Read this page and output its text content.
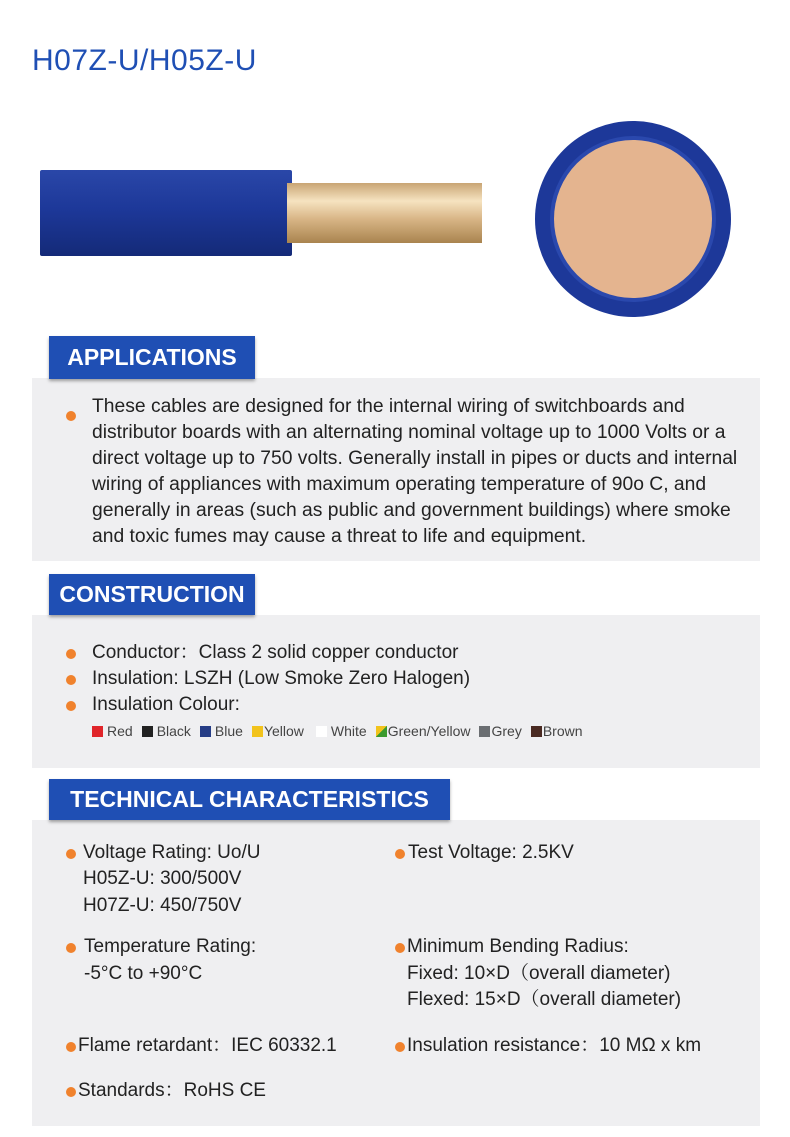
H07Z-U/H05Z-U
APPLICATIONS
These cables are designed for the internal wiring of switchboards and distributor boards with an alternating nominal voltage up to 1000 Volts or a direct voltage up to 750 volts. Generally install in pipes or ducts and internal wiring of appliances with maximum operating temperature of 90o C, and generally in areas (such as public and government buildings) where smoke and toxic fumes may cause a threat to life and equipment.
CONSTRUCTION
Conductor：Class 2 solid copper conductor
Insulation: LSZH (Low Smoke Zero Halogen)
Insulation Colour:
Red Black Blue Yellow White Green/Yellow Grey Brown
TECHNICAL CHARACTERISTICS
Voltage Rating: Uo/U
H05Z-U: 300/500V
H07Z-U: 450/750V
Test Voltage: 2.5KV
Temperature Rating:
-5°C to +90°C
Minimum Bending Radius:
Fixed: 10×D（overall diameter)
Flexed: 15×D（overall diameter)
Flame retardant：IEC 60332.1	Insulation resistance：10 MΩ x km
Standards：RoHS CE
